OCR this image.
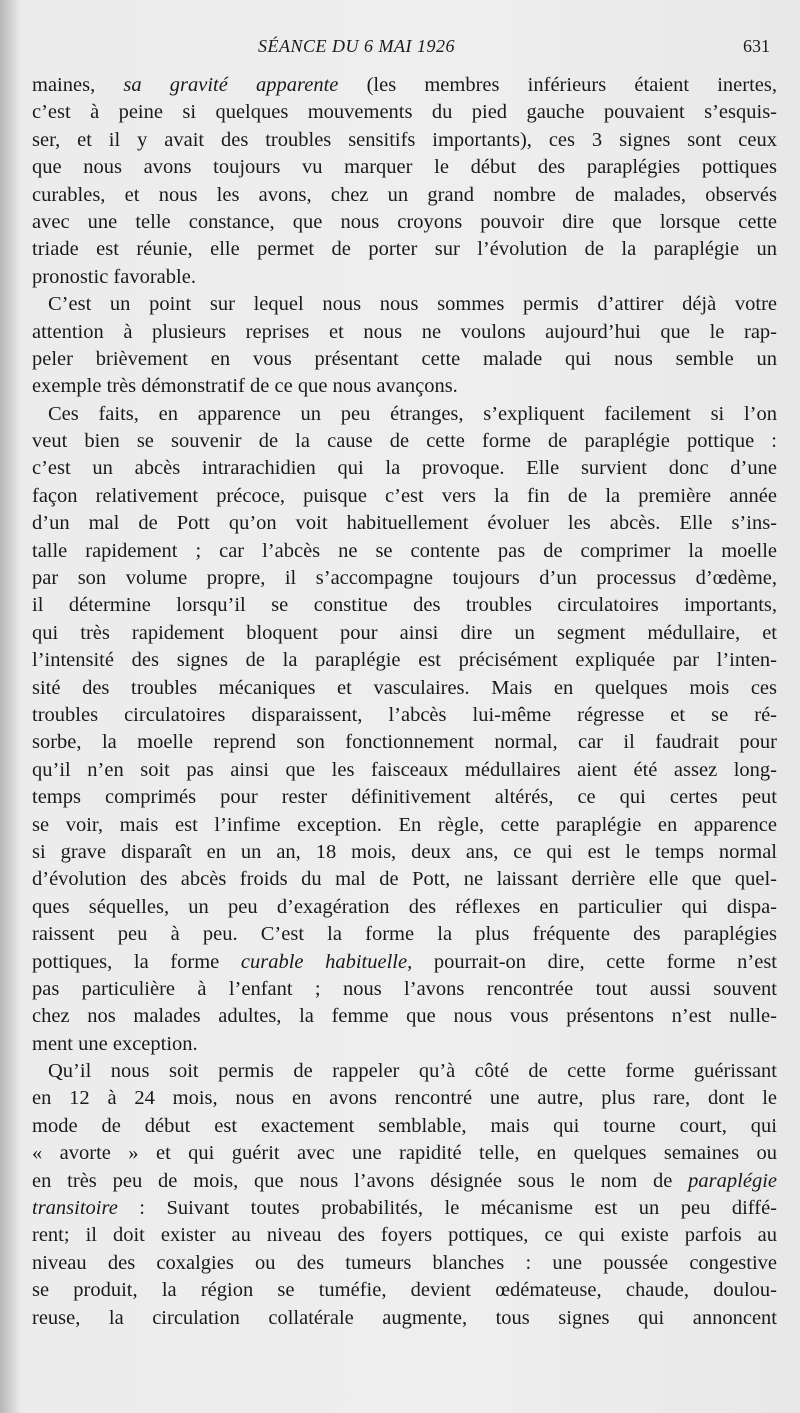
SÉANCE DU 6 MAI 1926	631
maines, sa gravité apparente (les membres inférieurs étaient inertes,
c’est à peine si quelques mouvements du pied gauche pouvaient s’esquis-
ser, et il y avait des troubles sensitifs importants), ces 3 signes sont ceux
que nous avons toujours vu marquer le début des paraplégies pottiques
curables, et nous les avons, chez un grand nombre de malades, observés
avec une telle constance, que nous croyons pouvoir dire que lorsque cette
triade est réunie, elle permet de porter sur l’évolution de la paraplégie un
pronostic favorable.
C’est un point sur lequel nous nous sommes permis d’attirer déjà votre
attention à plusieurs reprises et nous ne voulons aujourd’hui que le rap-
peler brièvement en vous présentant cette malade qui nous semble un
exemple très démonstratif de ce que nous avançons.
Ces faits, en apparence un peu étranges, s’expliquent facilement si l’on
veut bien se souvenir de la cause de cette forme de paraplégie pottique :
c’est un abcès intrarachidien qui la provoque. Elle survient donc d’une
façon relativement précoce, puisque c’est vers la fin de la première année
d’un mal de Pott qu’on voit habituellement évoluer les abcès. Elle s’ins-
talle rapidement ; car l’abcès ne se contente pas de comprimer la moelle
par son volume propre, il s’accompagne toujours d’un processus d’œdème,
il détermine lorsqu’il se constitue des troubles circulatoires importants,
qui très rapidement bloquent pour ainsi dire un segment médullaire, et
l’intensité des signes de la paraplégie est précisément expliquée par l’inten-
sité des troubles mécaniques et vasculaires. Mais en quelques mois ces
troubles circulatoires disparaissent, l’abcès lui-même régresse et se ré-
sorbe, la moelle reprend son fonctionnement normal, car il faudrait pour
qu’il n’en soit pas ainsi que les faisceaux médullaires aient été assez long-
temps comprimés pour rester définitivement altérés, ce qui certes peut
se voir, mais est l’infime exception. En règle, cette paraplégie en apparence
si grave disparaît en un an, 18 mois, deux ans, ce qui est le temps normal
d’évolution des abcès froids du mal de Pott, ne laissant derrière elle que quel-
ques séquelles, un peu d’exagération des réflexes en particulier qui dispa-
raissent peu à peu. C’est la forme la plus fréquente des paraplégies
pottiques, la forme curable habituelle, pourrait-on dire, cette forme n’est
pas particulière à l’enfant ; nous l’avons rencontrée tout aussi souvent
chez nos malades adultes, la femme que nous vous présentons n’est nulle-
ment une exception.
Qu’il nous soit permis de rappeler qu’à côté de cette forme guérissant
en 12 à 24 mois, nous en avons rencontré une autre, plus rare, dont le
mode de début est exactement semblable, mais qui tourne court, qui
« avorte » et qui guérit avec une rapidité telle, en quelques semaines ou
en très peu de mois, que nous l’avons désignée sous le nom de paraplégie
transitoire : Suivant toutes probabilités, le mécanisme est un peu diffé-
rent; il doit exister au niveau des foyers pottiques, ce qui existe parfois au
niveau des coxalgies ou des tumeurs blanches : une poussée congestive
se produit, la région se tuméfie, devient œdémateuse, chaude, doulou-
reuse, la circulation collatérale augmente, tous signes qui annoncent
